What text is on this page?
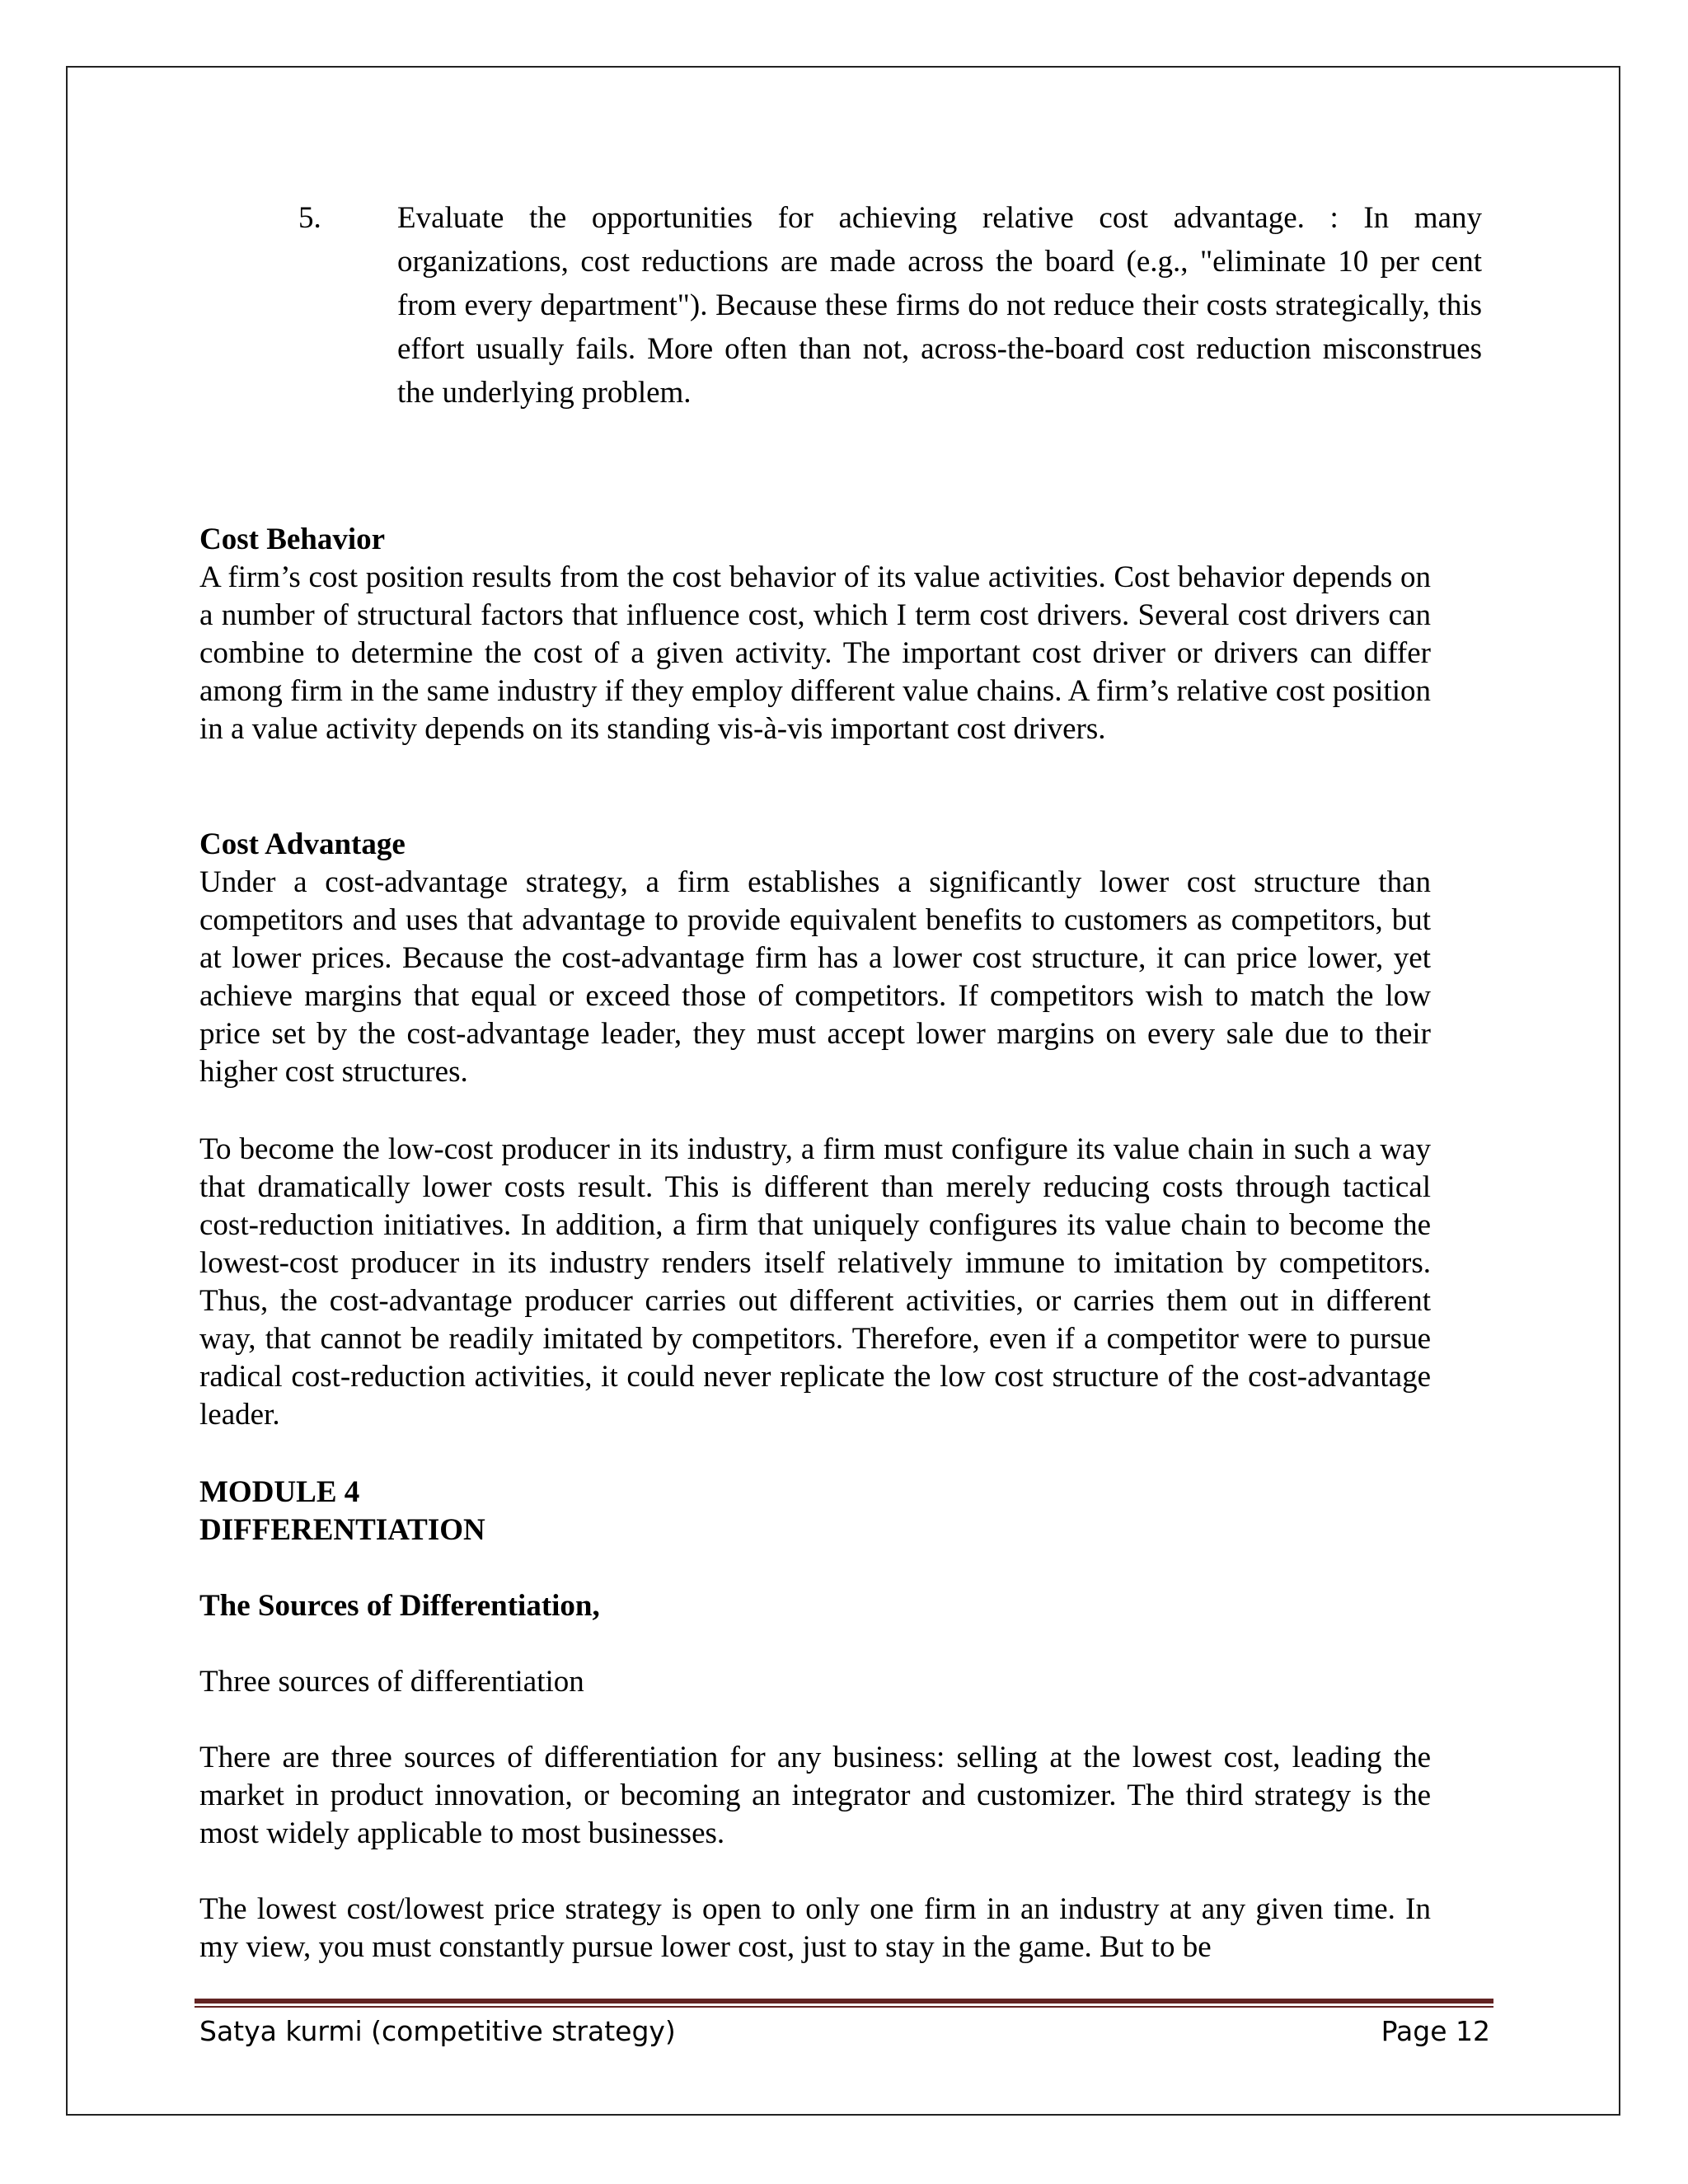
5. Evaluate the opportunities for achieving relative cost advantage. : In many organizations, cost reductions are made across the board (e.g., "eliminate 10 per cent from every department"). Because these firms do not reduce their costs strategically, this effort usually fails. More often than not, across-the-board cost reduction misconstrues the underlying problem.
Cost Behavior

A firm’s cost position results from the cost behavior of its value activities. Cost behavior depends on a number of structural factors that influence cost, which I term cost drivers. Several cost drivers can combine to determine the cost of a given activity. The important cost driver or drivers can differ among firm in the same industry if they employ different value chains. A firm’s relative cost position in a value activity depends on its standing vis-à-vis important cost drivers.

Cost Advantage

Under a cost-advantage strategy, a firm establishes a significantly lower cost structure than competitors and uses that advantage to provide equivalent benefits to customers as competitors, but at lower prices. Because the cost-advantage firm has a lower cost structure, it can price lower, yet achieve margins that equal or exceed those of competitors. If competitors wish to match the low price set by the cost-advantage leader, they must accept lower margins on every sale due to their higher cost structures.

To become the low-cost producer in its industry, a firm must configure its value chain in such a way that dramatically lower costs result. This is different than merely reducing costs through tactical cost-reduction initiatives. In addition, a firm that uniquely configures its value chain to become the lowest-cost producer in its industry renders itself relatively immune to imitation by competitors. Thus, the cost-advantage producer carries out different activities, or carries them out in different way, that cannot be readily imitated by competitors. Therefore, even if a competitor were to pursue radical cost-reduction activities, it could never replicate the low cost structure of the cost-advantage leader.

MODULE 4
DIFFERENTIATION
The Sources of Differentiation,

Three sources of differentiation

There are three sources of differentiation for any business: selling at the lowest cost, leading the market in product innovation, or becoming an integrator and customizer. The third strategy is the most widely applicable to most businesses.

The lowest cost/lowest price strategy is open to only one firm in an industry at any given time. In my view, you must constantly pursue lower cost, just to stay in the game. But to be

Satya kurmi (competitive strategy)	Page 12
